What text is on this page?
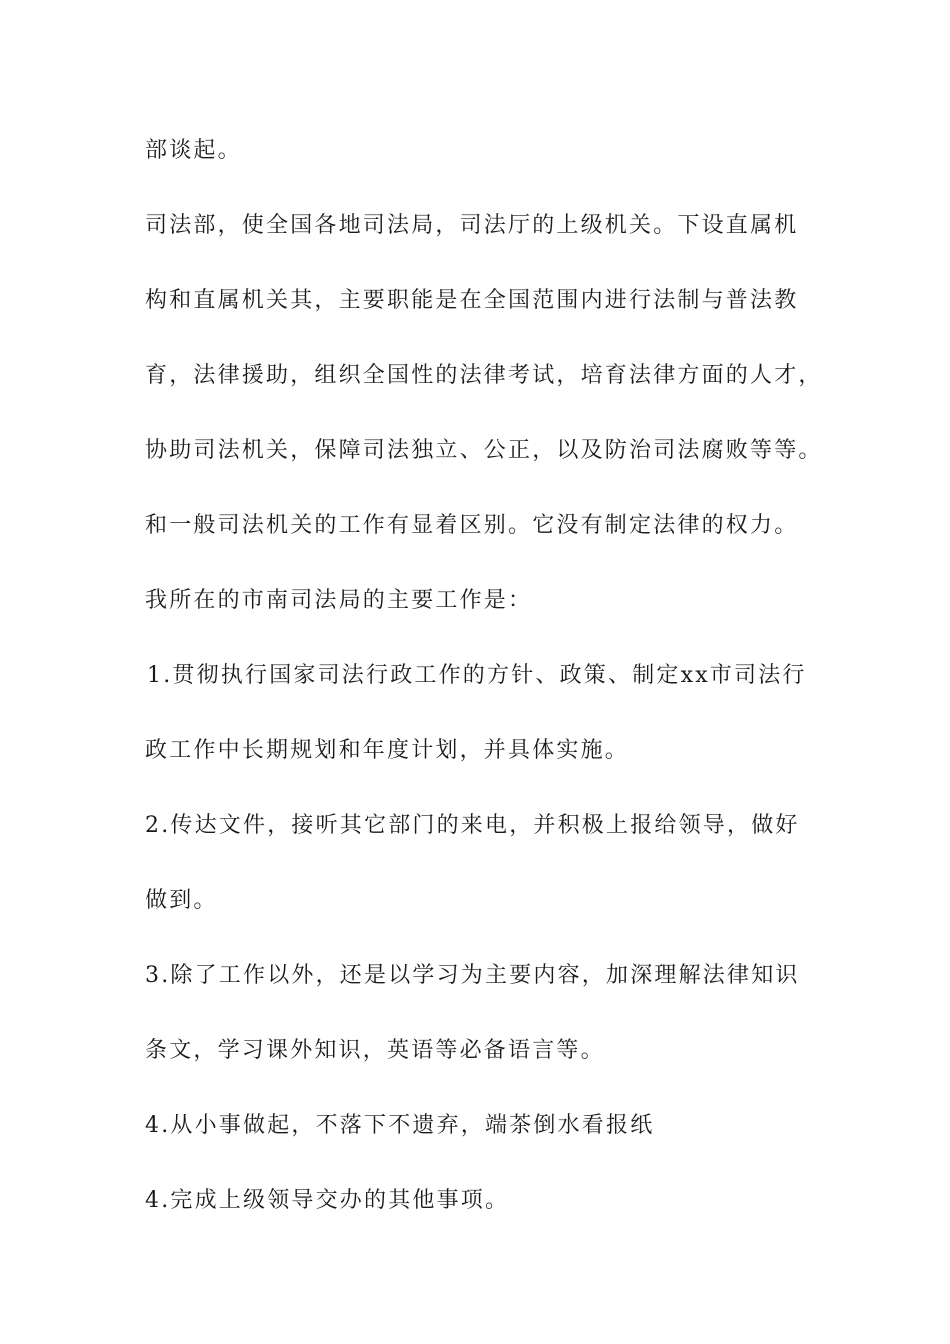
部谈起。
司法部，使全国各地司法局，司法厅的上级机关。下设直属机
构和直属机关其，主要职能是在全国范围内进行法制与普法教
育，法律援助，组织全国性的法律考试，培育法律方面的人才，
协助司法机关，保障司法独立、公正，以及防治司法腐败等等。
和一般司法机关的工作有显着区别。它没有制定法律的权力。
我所在的市南司法局的主要工作是：
1.贯彻执行国家司法行政工作的方针、政策、制定xx市司法行
政工作中长期规划和年度计划，并具体实施。
2.传达文件，接听其它部门的来电，并积极上报给领导，做好
做到。
3.除了工作以外，还是以学习为主要内容，加深理解法律知识
条文，学习课外知识，英语等必备语言等。
4.从小事做起，不落下不遗弃，端茶倒水看报纸
4.完成上级领导交办的其他事项。
